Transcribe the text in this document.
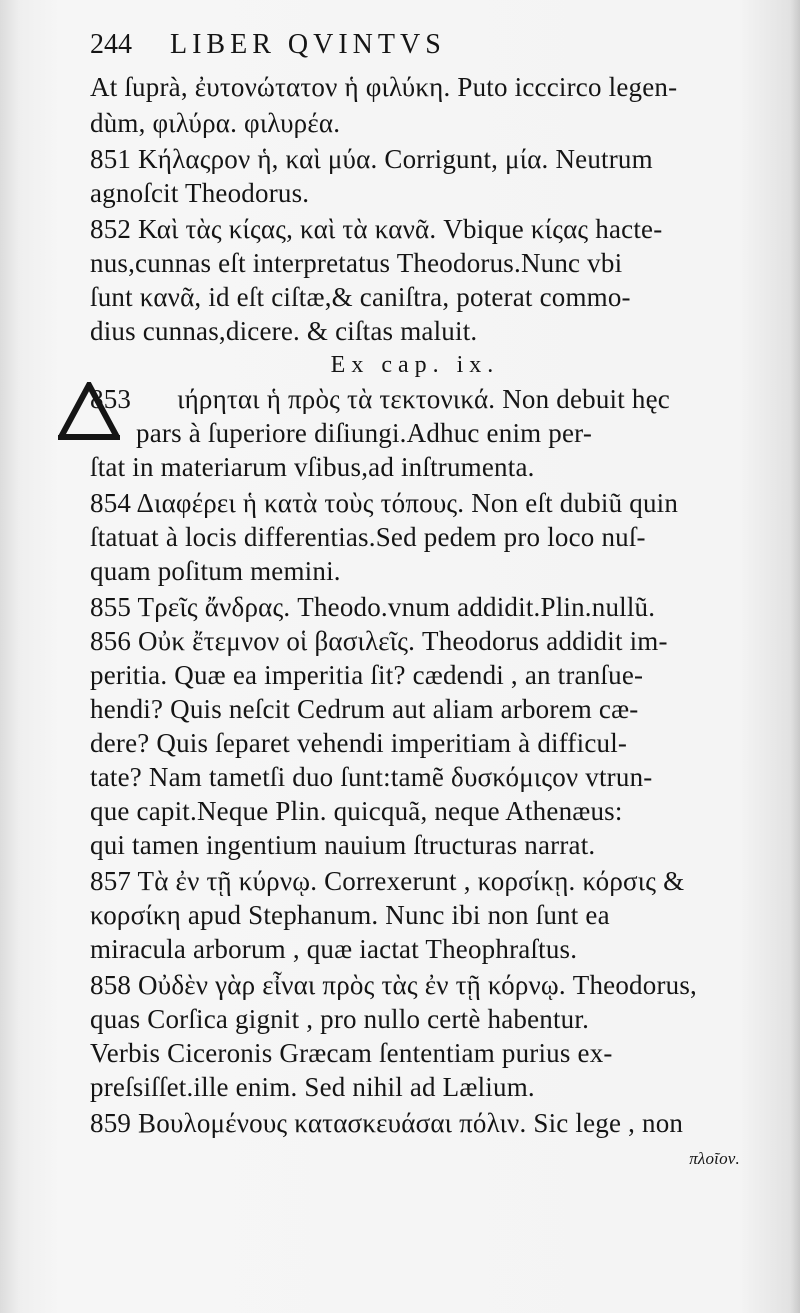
244 LIBER QVINTVS
At ſuprà, ἐυτονώτατον ἡ φιλύκη. Puto icccirco legen-
dùm, φιλύρα. φιλυρέα.
851 Κήλαςρον ἡ, καὶ μύα. Corrigunt, μία. Neutrum
agnoſcit Theodorus.
852 Καὶ τὰς κίςας, καὶ τὰ κανᾶ. Vbique κίςας hacte-
nus,cunnas eſt interpretatus Theodorus.Nunc vbi
ſunt κανᾶ, id eſt ciſtæ,& caniſtra, poterat commo-
dius cunnas,dicere. & ciſtas maluit.
Ex cap. ix.
853 ιήρηται ἡ πρὸς τὰ τεκτονικά. Non debuit hęc
pars à ſuperiore diſiungi.Adhuc enim per-
ſtat in materiarum vſibus,ad inſtrumenta.
854 Διαφέρει ἡ κατὰ τοὺς τόπους. Non eſt dubiũ quin
ſtatuat à locis differentias.Sed pedem pro loco nuſ-
quam poſitum memini.
855 Τρεῖς ἄνδρας. Theodo.vnum addidit.Plin.nullũ.
856 Οὐκ ἔτεμνον οἱ βασιλεῖς. Theodorus addidit im-
peritia. Quæ ea imperitia ſit? cædendi , an tranſue-
hendi? Quis neſcit Cedrum aut aliam arborem cæ-
dere? Quis ſeparet vehendi imperitiam à difficul-
tate? Nam tametſi duo ſunt:tamẽ δυσκόμιςον vtrun-
que capit.Neque Plin. quicquã, neque Athenæus:
qui tamen ingentium nauium ſtructuras narrat.
857 Τὰ ἐν τῇ κύρνῳ. Correxerunt , κορσίκῃ. κόρσις &
κορσίκη apud Stephanum. Nunc ibi non ſunt ea
miracula arborum , quæ iactat Theophraſtus.
858 Οὐδὲν γὰρ εἶναι πρὸς τὰς ἐν τῇ κόρνῳ. Theodorus,
quas Corſica gignit , pro nullo certè habentur.
Verbis Ciceronis Græcam ſententiam purius ex-
preſsiſſet.ille enim. Sed nihil ad Lælium.
859 Βουλομένους κατασκευάσαι πόλιν. Sic lege , non
πλοῖον.
